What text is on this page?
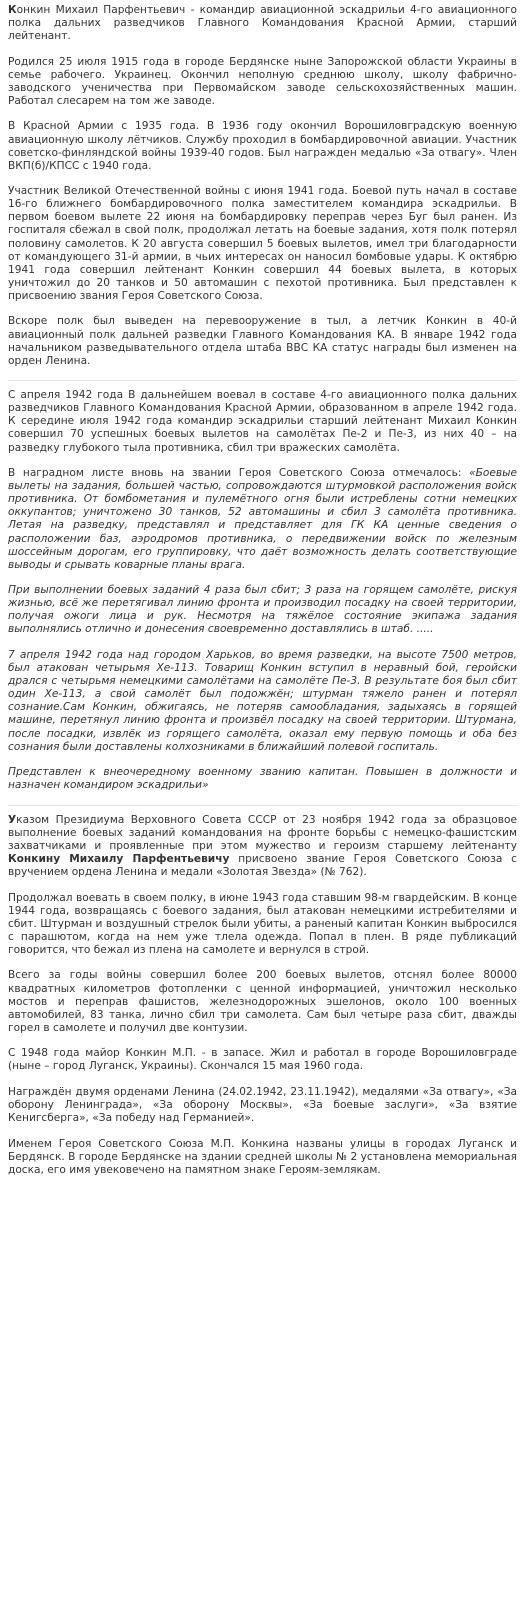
Конкин Михаил Парфентьевич - командир авиационной эскадрильи 4-го авиационного полка дальних разведчиков Главного Командования Красной Армии, старший лейтенант.

Родился 25 июля 1915 года в городе Бердянске ныне Запорожской области Украины в семье рабочего. Украинец. Окончил неполную среднюю школу, школу фабрично-заводского ученичества при Первомайском заводе сельскохозяйственных машин. Работал слесарем на том же заводе.

В Красной Армии с 1935 года. В 1936 году окончил Ворошиловградскую военную авиационную школу лётчиков. Службу проходил в бомбардировочной авиации. Участник советско-финляндской войны 1939-40 годов. Был награжден медалью «За отвагу». Член ВКП(б)/КПСС с 1940 года.

Участник Великой Отечественной войны с июня 1941 года. Боевой путь начал в составе 16-го ближнего бомбардировочного полка заместителем командира эскадрильи. В первом боевом вылете 22 июня на бомбардировку переправ через Буг был ранен. Из госпиталя сбежал в свой полк, продолжал летать на боевые задания, хотя полк потерял половину самолетов. К 20 августа совершил 5 боевых вылетов, имел три благодарности от командующего 31-й армии, в чьих интересах он наносил бомбовые удары. К октябрю 1941 года совершил лейтенант Конкин совершил 44 боевых вылета, в которых уничтожил до 20 танков и 50 автомашин с пехотой противника. Был представлен к присвоению звания Героя Советского Союза.

Вскоре полк был выведен на перевооружение в тыл, а летчик Конкин в 40-й авиационный полк дальней разведки Главного Командования КА. В январе 1942 года начальником разведывательного отдела штаба ВВС КА статус награды был изменен на орден Ленина.

С апреля 1942 года В дальнейшем воевал в составе 4-го авиационного полка дальних разведчиков Главного Командования Красной Армии, образованном в апреле 1942 года. К середине июля 1942 года командир эскадрильи старший лейтенант Михаил Конкин совершил 70 успешных боевых вылетов на самолётах Пе-2 и Пе-3, из них 40 – на разведку глубокого тыла противника, сбил три вражеских самолёта.

В наградном листе вновь на звании Героя Советского Союза отмечалось: «Боевые вылеты на задания, большей частью, сопровождаются штурмовкой расположения войск противника. От бомбометания и пулемётного огня были истреблены сотни немецких оккупантов; уничтожено 30 танков, 52 автомашины и сбил 3 самолёта противника. Летая на разведку, представлял и представляет для ГК КА ценные сведения о расположении баз, аэродромов противника, о передвижении войск по железным шоссейным дорогам, его группировку, что даёт возможность делать соответствующие выводы и срывать коварные планы врага.

При выполнении боевых заданий 4 раза был сбит; 3 раза на горящем самолёте, рискуя жизнью, всё же перетягивал линию фронта и производил посадку на своей территории, получая ожоги лица и рук. Несмотря на тяжёлое состояние экипажа задания выполнялись отлично и донесения своевременно доставлялись в штаб. .....

7 апреля 1942 года над городом Харьков, во время разведки, на высоте 7500 метров, был атакован четырьмя Хе-113. Товарищ Конкин вступил в неравный бой, геройски дрался с четырьмя немецкими самолётами на самолёте Пе-3. В результате боя был сбит один Хе-113, а свой самолёт был подожжён; штурман тяжело ранен и потерял сознание.Сам Конкин, обжигаясь, не потеряв самообладания, задыхаясь в горящей машине, перетянул линию фронта и произвёл посадку на своей территории. Штурмана, после посадки, извлёк из горящего самолёта, оказал ему первую помощь и оба без сознания были доставлены колхозниками в ближайший полевой госпиталь.

Представлен к внеочередному военному званию капитан. Повышен в должности и назначен командиром эскадрильи»

Указом Президиума Верховного Совета СССР от 23 ноября 1942 года за образцовое выполнение боевых заданий командования на фронте борьбы с немецко-фашистским захватчиками и проявленные при этом мужество и героизм старшему лейтенанту Конкину Михаилу Парфентьевичу присвоено звание Героя Советского Союза с вручением ордена Ленина и медали «Золотая Звезда» (№ 762).

Продолжал воевать в своем полку, в июне 1943 года ставшим 98-м гвардейским. В конце 1944 года, возвращаясь с боевого задания, был атакован немецкими истребителями и сбит. Штурман и воздушный стрелок были убиты, а раненый капитан Конкин выбросился с парашютом, когда на нем уже тлела одежда. Попал в плен. В ряде публикаций говорится, что бежал из плена на самолете и вернулся в строй.

Всего за годы войны совершил более 200 боевых вылетов, отснял более 80000 квадратных километров фотопленки с ценной информацией, уничтожил несколько мостов и переправ фашистов, железнодорожных эшелонов, около 100 военных автомобилей, 83 танка, лично сбил три самолета. Сам был четыре раза сбит, дважды горел в самолете и получил две контузии.

С 1948 года майор Конкин М.П. - в запасе. Жил и работал в городе Ворошиловграде (ныне – город Луганск, Украины). Скончался 15 мая 1960 года.

Награждён двумя орденами Ленина (24.02.1942, 23.11.1942), медалями «За отвагу», «За оборону Ленинграда», «За оборону Москвы», «За боевые заслуги», «За взятие Кенигсберга», «За победу над Германией».

Именем Героя Советского Союза М.П. Конкина названы улицы в городах Луганск и Бердянск. В городе Бердянске на здании средней школы № 2 установлена мемориальная доска, его имя увековечено на памятном знаке Героям-землякам.
